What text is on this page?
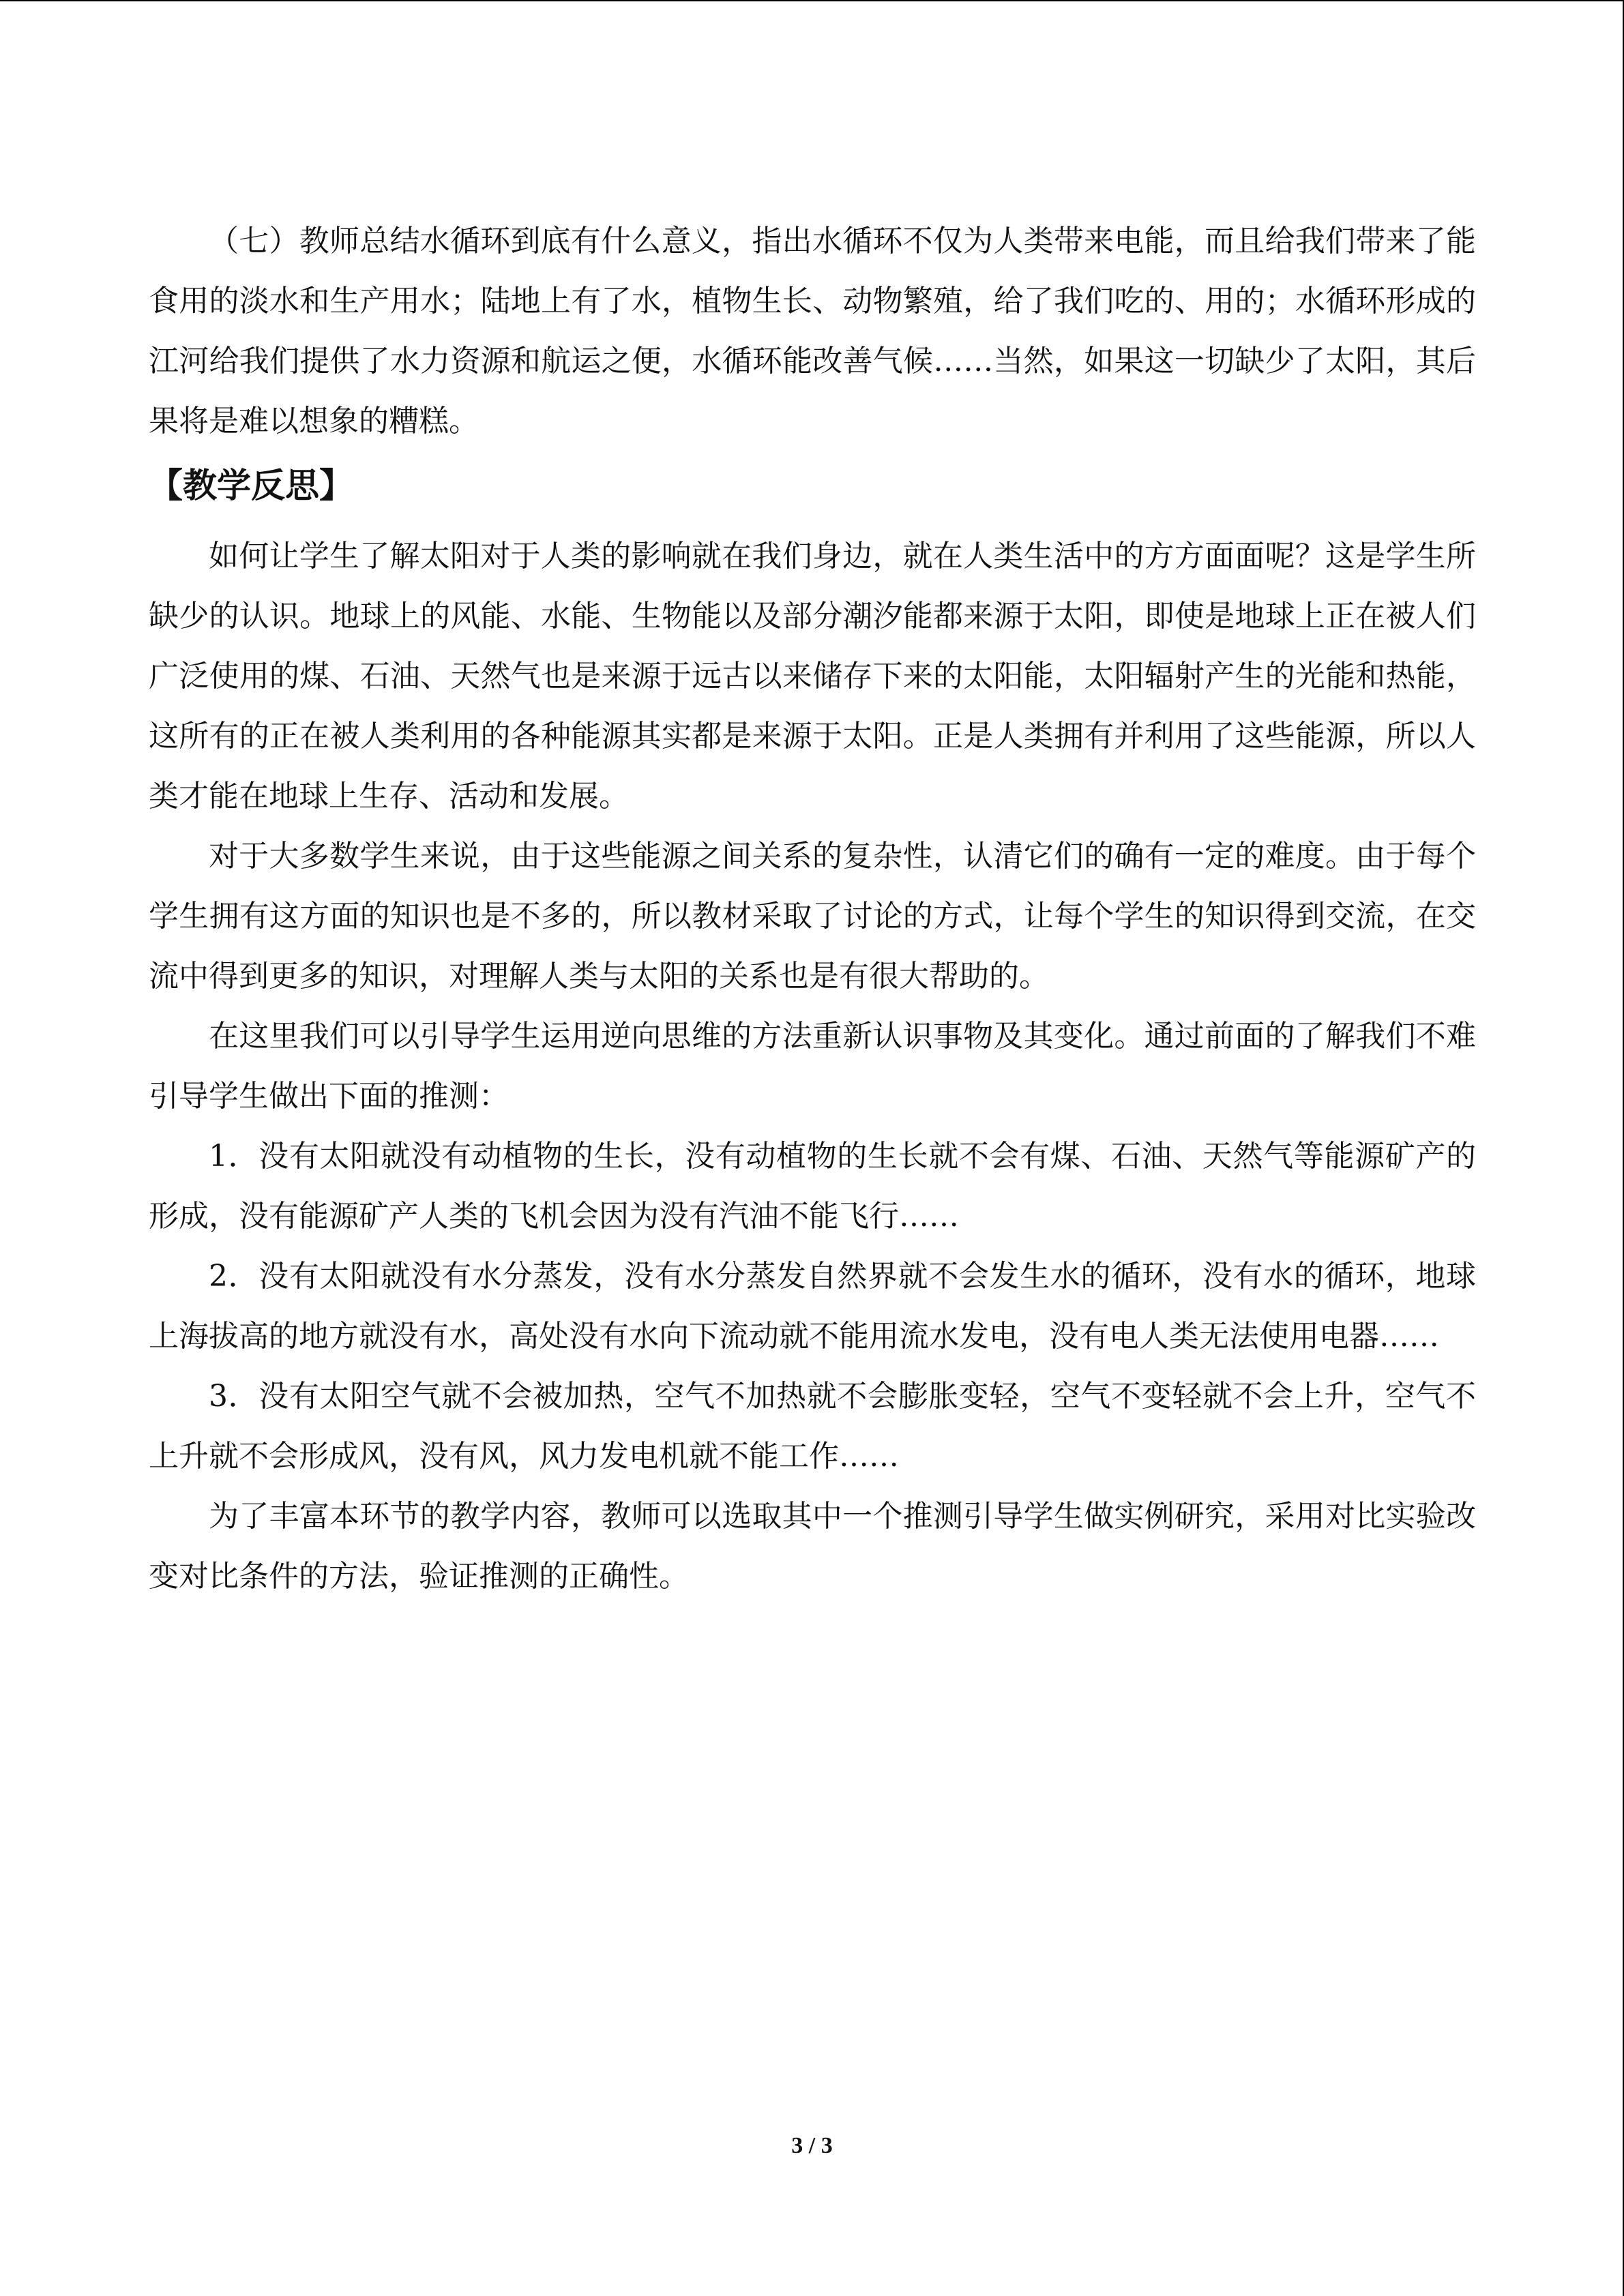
（七）教师总结水循环到底有什么意义，指出水循环不仅为人类带来电能，而且给我们带来了能食用的淡水和生产用水；陆地上有了水，植物生长、动物繁殖，给了我们吃的、用的；水循环形成的江河给我们提供了水力资源和航运之便，水循环能改善气候……当然，如果这一切缺少了太阳，其后果将是难以想象的糟糕。

【教学反思】

如何让学生了解太阳对于人类的影响就在我们身边，就在人类生活中的方方面面呢？这是学生所缺少的认识。地球上的风能、水能、生物能以及部分潮汐能都来源于太阳，即使是地球上正在被人们广泛使用的煤、石油、天然气也是来源于远古以来储存下来的太阳能，太阳辐射产生的光能和热能，这所有的正在被人类利用的各种能源其实都是来源于太阳。正是人类拥有并利用了这些能源，所以人类才能在地球上生存、活动和发展。

对于大多数学生来说，由于这些能源之间关系的复杂性，认清它们的确有一定的难度。由于每个学生拥有这方面的知识也是不多的，所以教材采取了讨论的方式，让每个学生的知识得到交流，在交流中得到更多的知识，对理解人类与太阳的关系也是有很大帮助的。

在这里我们可以引导学生运用逆向思维的方法重新认识事物及其变化。通过前面的了解我们不难引导学生做出下面的推测：

1．没有太阳就没有动植物的生长，没有动植物的生长就不会有煤、石油、天然气等能源矿产的形成，没有能源矿产人类的飞机会因为没有汽油不能飞行……

2．没有太阳就没有水分蒸发，没有水分蒸发自然界就不会发生水的循环，没有水的循环，地球上海拔高的地方就没有水，高处没有水向下流动就不能用流水发电，没有电人类无法使用电器……

3．没有太阳空气就不会被加热，空气不加热就不会膨胀变轻，空气不变轻就不会上升，空气不上升就不会形成风，没有风，风力发电机就不能工作……

为了丰富本环节的教学内容，教师可以选取其中一个推测引导学生做实例研究，采用对比实验改变对比条件的方法，验证推测的正确性。

3 / 3
